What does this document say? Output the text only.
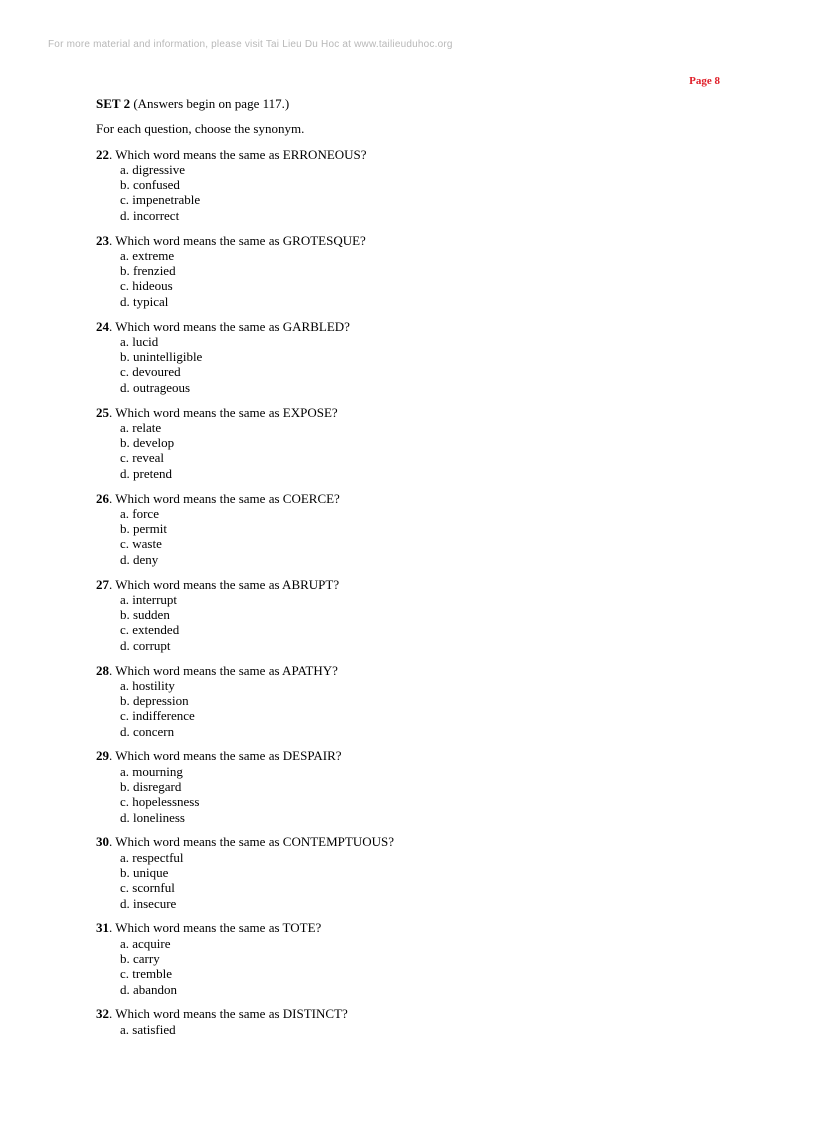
For more material and information, please visit Tai Lieu Du Hoc at www.tailieuduhoc.org
Page 8

SET 2 (Answers begin on page 117.)

For each question, choose the synonym.

22. Which word means the same as ERRONEOUS?
a. digressive
b. confused
c. impenetrable
d. incorrect
23. Which word means the same as GROTESQUE?
a. extreme
b. frenzied
c. hideous
d. typical
24. Which word means the same as GARBLED?
a. lucid
b. unintelligible
c. devoured
d. outrageous
25. Which word means the same as EXPOSE?
a. relate
b. develop
c. reveal
d. pretend
26. Which word means the same as COERCE?
a. force
b. permit
c. waste
d. deny
27. Which word means the same as ABRUPT?
a. interrupt
b. sudden
c. extended
d. corrupt
28. Which word means the same as APATHY?
a. hostility
b. depression
c. indifference
d. concern
29. Which word means the same as DESPAIR?
a. mourning
b. disregard
c. hopelessness
d. loneliness
30. Which word means the same as CONTEMPTUOUS?
a. respectful
b. unique
c. scornful
d. insecure
31. Which word means the same as TOTE?
a. acquire
b. carry
c. tremble
d. abandon
32. Which word means the same as DISTINCT?
a. satisfied
